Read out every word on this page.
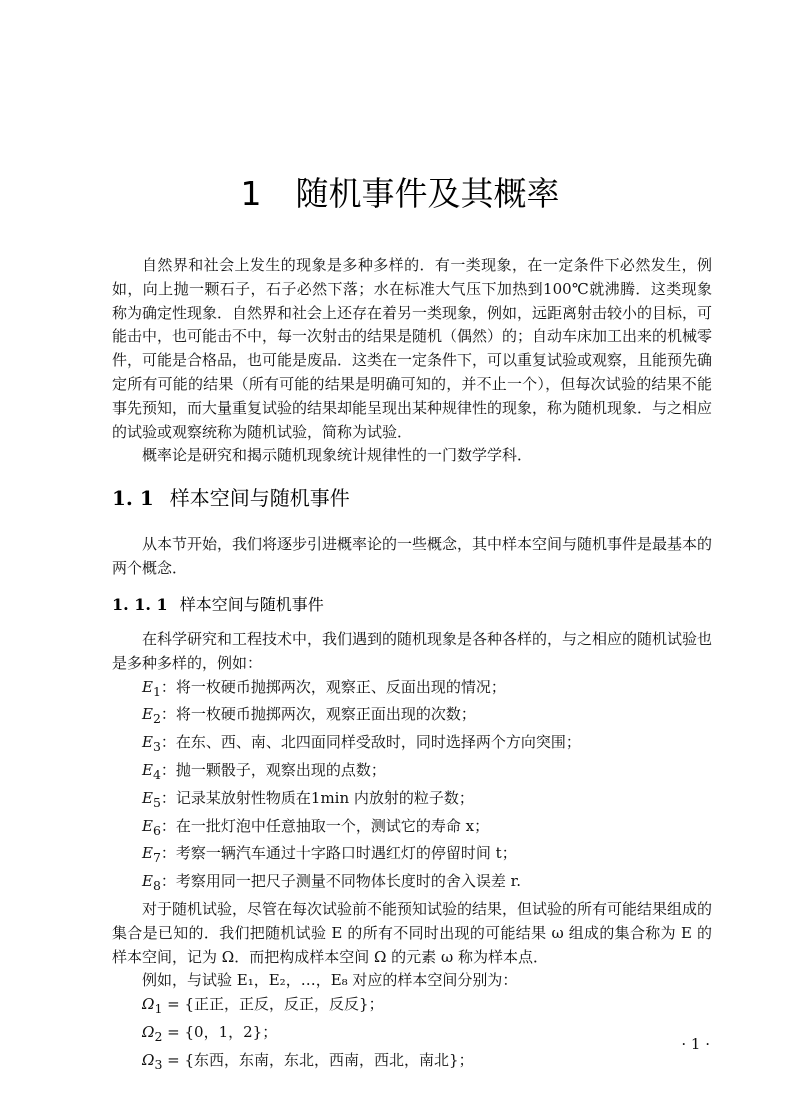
1 随机事件及其概率

自然界和社会上发生的现象是多种多样的．有一类现象，在一定条件下必然发生，例如，向上抛一颗石子，石子必然下落；水在标准大气压下加热到100℃就沸腾．这类现象称为确定性现象．自然界和社会上还存在着另一类现象，例如，远距离射击较小的目标，可能击中，也可能击不中，每一次射击的结果是随机（偶然）的；自动车床加工出来的机械零件，可能是合格品，也可能是废品．这类在一定条件下，可以重复试验或观察，且能预先确定所有可能的结果（所有可能的结果是明确可知的，并不止一个），但每次试验的结果不能事先预知，而大量重复试验的结果却能呈现出某种规律性的现象，称为随机现象．与之相应的试验或观察统称为随机试验，简称为试验．

概率论是研究和揭示随机现象统计规律性的一门数学学科．

1. 1 样本空间与随机事件

从本节开始，我们将逐步引进概率论的一些概念，其中样本空间与随机事件是最基本的两个概念．

1. 1. 1 样本空间与随机事件

在科学研究和工程技术中，我们遇到的随机现象是各种各样的，与之相应的随机试验也是多种多样的，例如：

$E_1$：将一枚硬币抛掷两次，观察正、反面出现的情况；

$E_2$：将一枚硬币抛掷两次，观察正面出现的次数；

$E_3$：在东、西、南、北四面同样受敌时，同时选择两个方向突围；

$E_4$：抛一颗骰子，观察出现的点数；

$E_5$：记录某放射性物质在1min 内放射的粒子数；

$E_6$：在一批灯泡中任意抽取一个，测试它的寿命 x；

$E_7$：考察一辆汽车通过十字路口时遇红灯的停留时间 t；

$E_8$：考察用同一把尺子测量不同物体长度时的舍入误差 r.

对于随机试验，尽管在每次试验前不能预知试验的结果，但试验的所有可能结果组成的集合是已知的．我们把随机试验 E 的所有不同时出现的可能结果 ω 组成的集合称为 E 的样本空间，记为 Ω．而把构成样本空间 Ω 的元素 ω 称为样本点．

例如，与试验 E₁，E₂，…，E₈ 对应的样本空间分别为：

$\Omega_1$ = {正正，正反，反正，反反}；

$\Omega_2 = \{0$，1，2}；

$\Omega_3$ = {东西，东南，东北，西南，西北，南北}；

· 1 ·
